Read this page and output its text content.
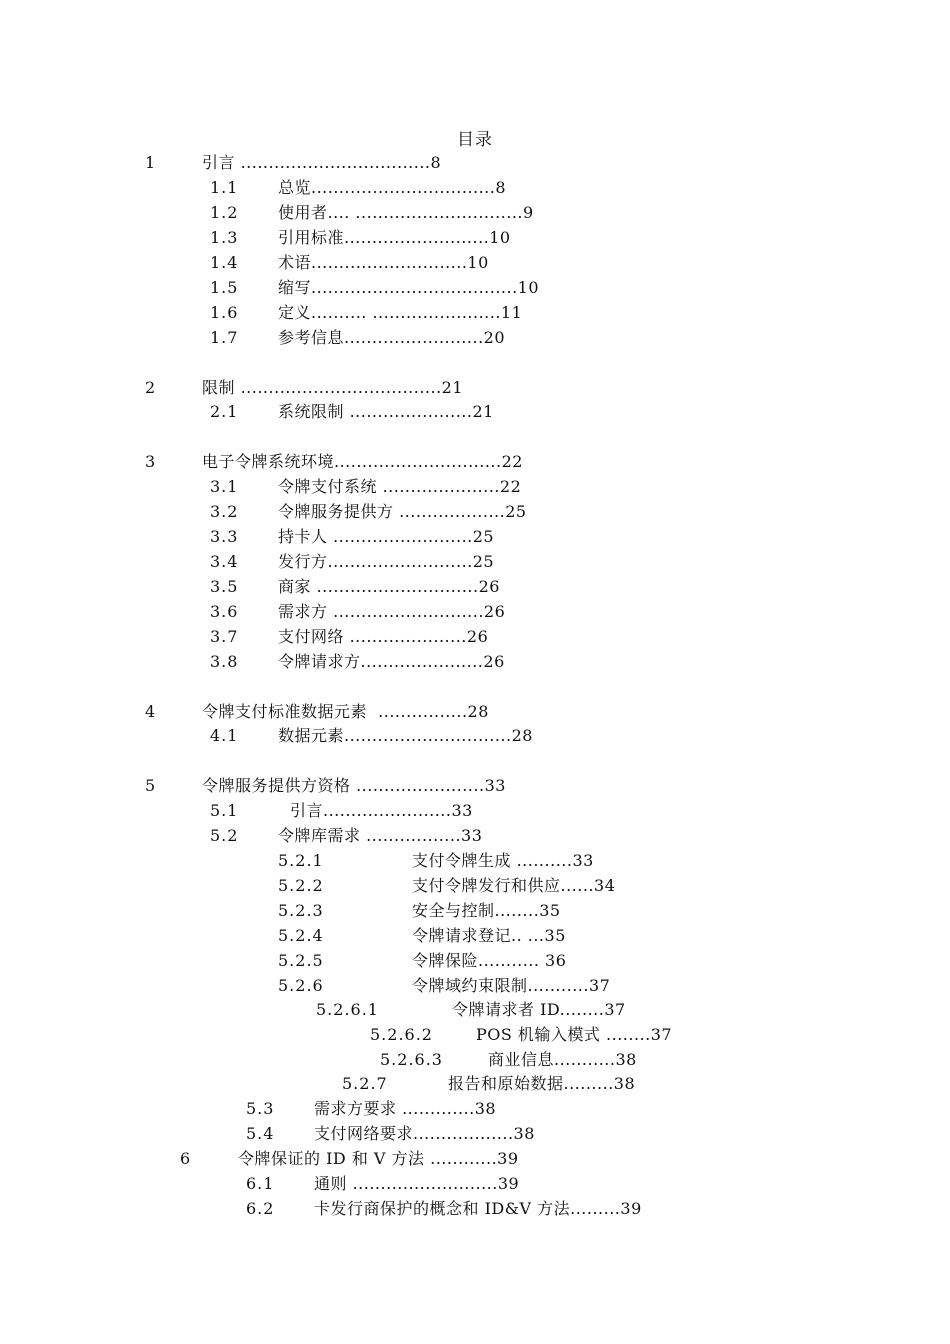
目录
1	引言 ..................................8
1.1 总览.................................8
1.2 使用者.... ..............................9
1.3 引用标准..........................10
1.4 术语............................10
1.5 缩写.....................................10
1.6 定义.......... .......................11
1.7 参考信息.........................20
2	限制 ....................................21
2.1 系统限制 ......................21
3	电子令牌系统环境..............................22
3.1 令牌支付系统 .....................22
3.2 令牌服务提供方 ...................25
3.3 持卡人 .........................25
3.4 发行方..........................25
3.5 商家 .............................26
3.6 需求方 ...........................26
3.7 支付网络 .....................26
3.8 令牌请求方......................26
4	令牌支付标准数据元素  ................28
4.1 数据元素..............................28
5	令牌服务提供方资格 .......................33
5.1	引言.......................33
5.2 令牌库需求 .................33
5.2.1	支付令牌生成 ..........33
5.2.2	支付令牌发行和供应......34
5.2.3	安全与控制........35
5.2.4	令牌请求登记.. ...35
5.2.5	令牌保险........... 36
5.2.6	令牌域约束限制...........37
5.2.6.1	令牌请求者 ID........37
5.2.6.2	POS 机输入模式 ........37
5.2.6.3	商业信息...........38
5.2.7	报告和原始数据.........38
5.3 需求方要求 .............38
5.4 支付网络要求..................38
6	令牌保证的 ID 和 V 方法 ............39
6.1 通则 ..........................39
6.2 卡发行商保护的概念和 ID&V 方法.........39
